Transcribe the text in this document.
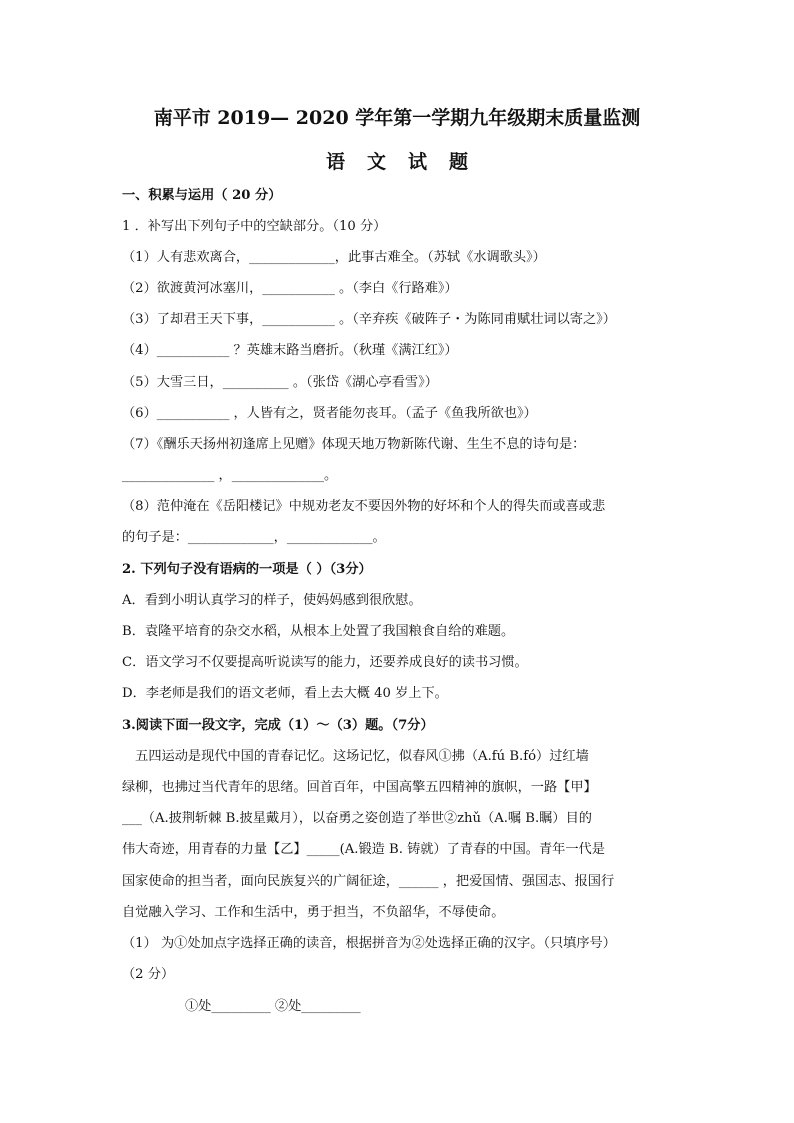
南平市 2019— 2020 学年第一学期九年级期末质量监测
语文试题
一、积累与运用（ 20 分）
1 ．补写出下列句子中的空缺部分。（10 分）
（1）人有悲欢离合，_____________，此事古难全。（苏轼《水调歌头》）
（2）欲渡黄河冰塞川，___________ 。（李白《行路难》）
（3）了却君王天下事，___________ 。（辛弃疾《破阵子・为陈同甫赋壮词以寄之》）
（4）___________ ？英雄末路当磨折。（秋瑾《满江红》）
（5）大雪三日，__________ 。（张岱《湖心亭看雪》）
（6）___________ ，人皆有之，贤者能勿丧耳。（孟子《鱼我所欲也》）
（7）《酬乐天扬州初逢席上见赠》体现天地万物新陈代谢、生生不息的诗句是：
______________ ，______________。
（8）范仲淹在《岳阳楼记》中规劝老友不要因外物的好坏和个人的得失而或喜或悲
的句子是：_____________，_____________。
2. 下列句子没有语病的一项是（ ）（3分）
A．看到小明认真学习的样子，使妈妈感到很欣慰。
B．袁隆平培育的杂交水稻，从根本上处置了我国粮食自给的难题。
C．语文学习不仅要提高听说读写的能力，还要养成良好的读书习惯。
D．李老师是我们的语文老师，看上去大概 40 岁上下。
3.阅读下面一段文字，完成（1）～（3）题。（7分）
　五四运动是现代中国的青春记忆。这场记忆，似春风①拂（A.fú B.fó）过红墙
绿柳，也拂过当代青年的思绪。回首百年，中国高擎五四精神的旗帜，一路【甲】
___（A.披荆斩棘 B.披星戴月），以奋勇之姿创造了举世②zhǔ（A.嘱 B.瞩）目的
伟大奇迹，用青春的力量【乙】_____(A.锻造 B. 铸就）了青春的中国。青年一代是
国家使命的担当者，面向民族复兴的广阔征途，______ ，把爱国情、强国志、报国行
自觉融入学习、工作和生活中，勇于担当，不负韶华，不辱使命。
（1） 为①处加点字选择正确的读音，根据拼音为②处选择正确的汉字。（只填序号）
（2 分）
①处_________ ②处_________
